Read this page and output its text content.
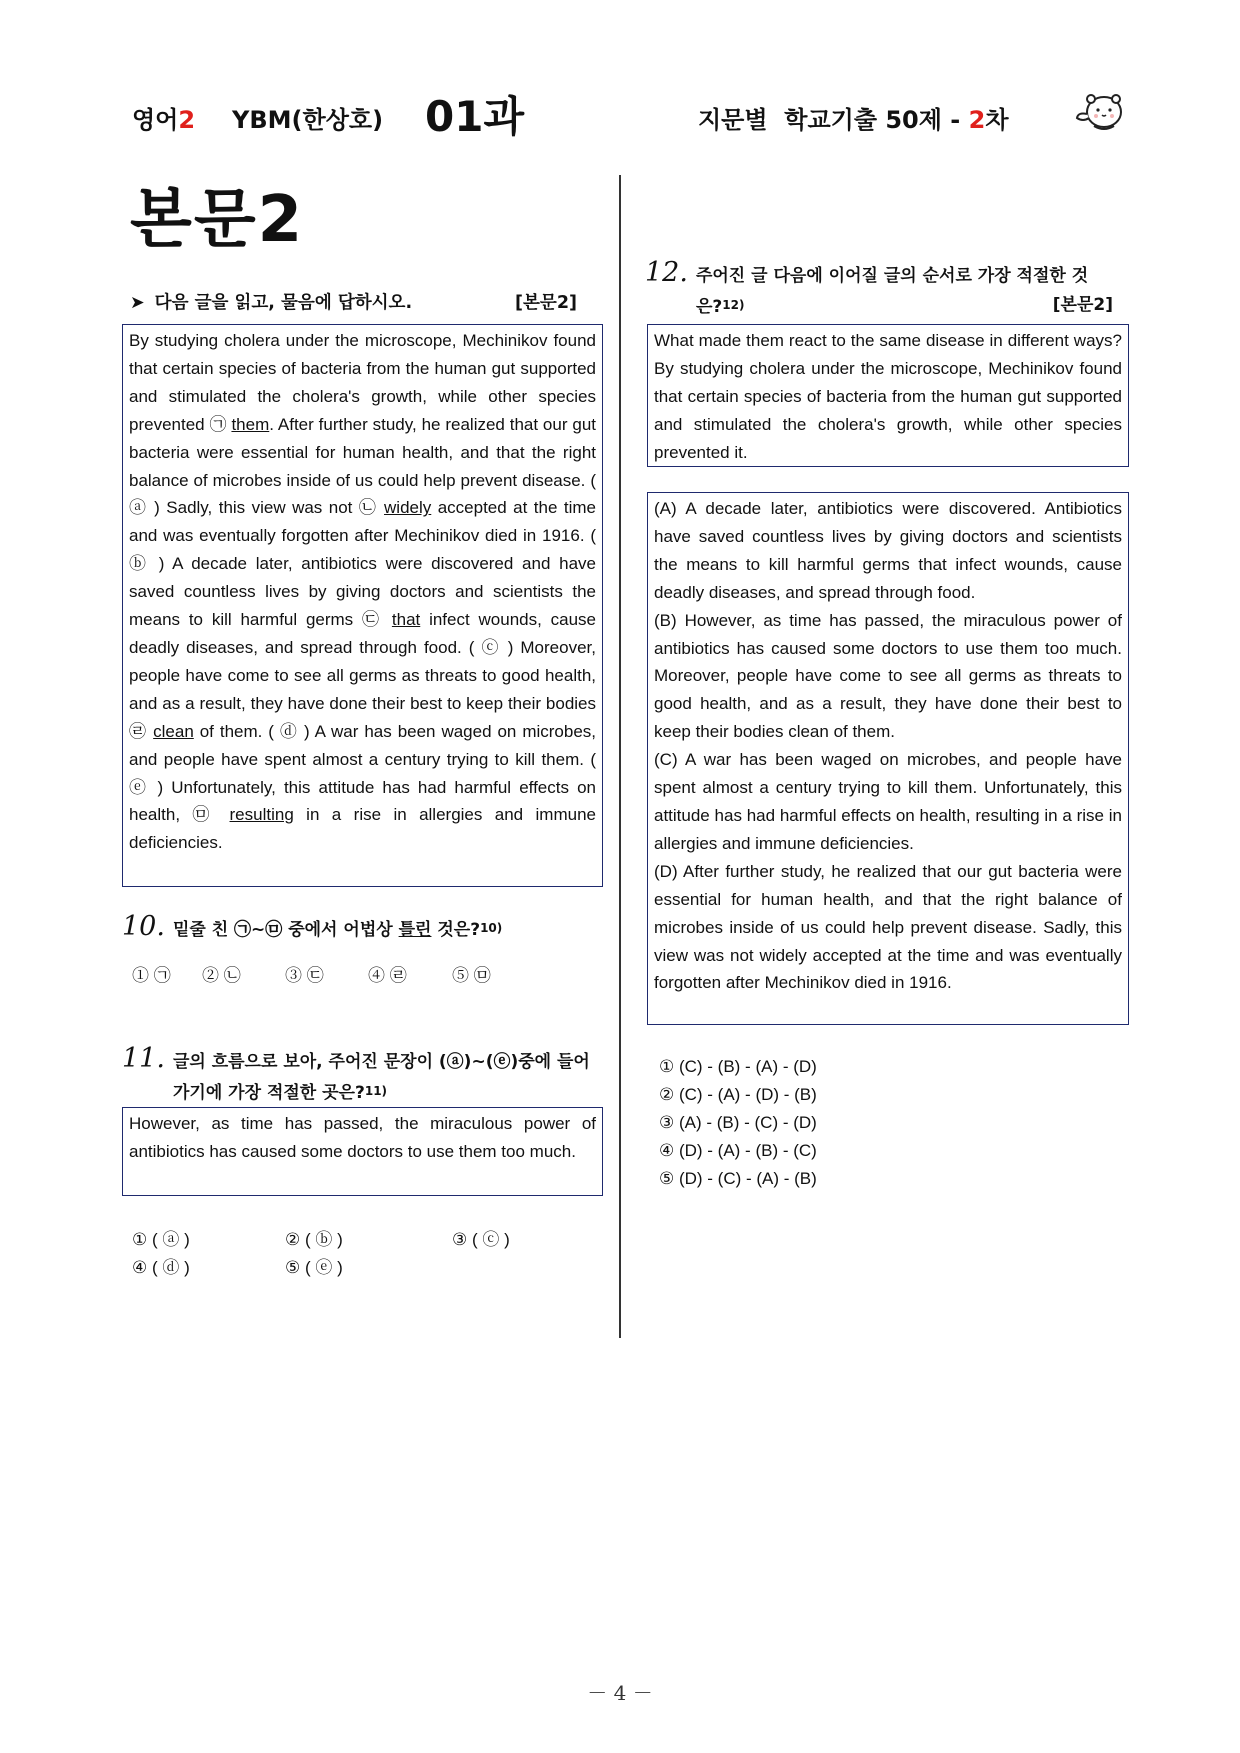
영어2 YBM(한상호) 01과	지문별  학교기출 50제 - 2차
본문2
➤ 다음 글을 읽고, 물음에 답하시오.	[본문2]
By studying cholera under the microscope, Mechinikov found that certain species of bacteria from the human gut supported and stimulated the cholera's growth, while other species prevented ㉠ them. After further study, he realized that our gut bacteria were essential for human health, and that the right balance of microbes inside of us could help prevent disease. ( ⓐ ) Sadly, this view was not ㉡ widely accepted at the time and was eventually forgotten after Mechinikov died in 1916. ( ⓑ ) A decade later, antibiotics were discovered and have saved countless lives by giving doctors and scientists the means to kill harmful germs ㉢ that infect wounds, cause deadly diseases, and spread through food. ( ⓒ ) Moreover, people have come to see all germs as threats to good health, and as a result, they have done their best to keep their bodies ㉣ clean of them. ( ⓓ ) A war has been waged on microbes, and people have spent almost a century trying to kill them. ( ⓔ ) Unfortunately, this attitude has had harmful effects on health, ㉤ resulting in a rise in allergies and immune deficiencies.
10. 밑줄 친 ㉠~㉤ 중에서 어법상 틀린 것은?$^{10)}$
① ㉠ ② ㉡	③ ㉢	④ ㉣	⑤ ㉤
11. 글의 흐름으로 보아, 주어진 문장이 (ⓐ)~(ⓔ)중에 들어
가기에 가장 적절한 곳은?$^{11)}$
However, as time has passed, the miraculous power of antibiotics has caused some doctors to use them too much.
① ( ⓐ )	② ( ⓑ )	③ ( ⓒ )
④ ( ⓓ )	⑤ ( ⓔ )
12. 주어진 글 다음에 이어질 글의 순서로 가장 적절한 것
은?$^{12)}$	[본문2]
What made them react to the same disease in different ways? By studying cholera under the microscope, Mechinikov found that certain species of bacteria from the human gut supported and stimulated the cholera's growth, while other species prevented it.
(A) A decade later, antibiotics were discovered. Antibiotics have saved countless lives by giving doctors and scientists the means to kill harmful germs that infect wounds, cause deadly diseases, and spread through food.
(B) However, as time has passed, the miraculous power of antibiotics has caused some doctors to use them too much. Moreover, people have come to see all germs as threats to good health, and as a result, they have done their best to keep their bodies clean of them.
(C) A war has been waged on microbes, and people have spent almost a century trying to kill them. Unfortunately, this attitude has had harmful effects on health, resulting in a rise in allergies and immune deficiencies.
(D) After further study, he realized that our gut bacteria were essential for human health, and that the right balance of microbes inside of us could help prevent disease. Sadly, this view was not widely accepted at the time and was eventually forgotten after Mechinikov died in 1916.
① (C) - (B) - (A) - (D)
② (C) - (A) - (D) - (B)
③ (A) - (B) - (C) - (D)
④ (D) - (A) - (B) - (C)
⑤ (D) - (C) - (A) - (B)
－ 4 －
